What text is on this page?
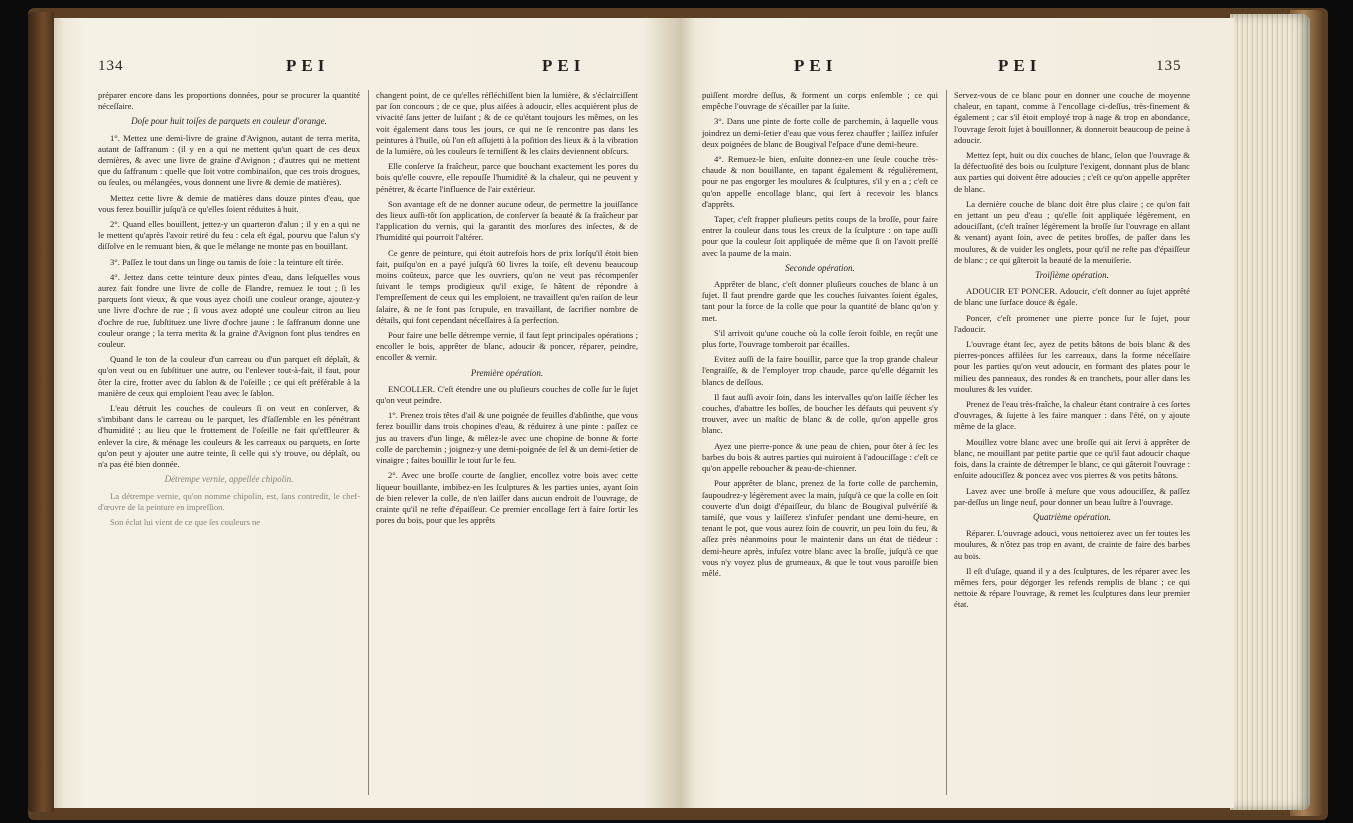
134	PEI	PEI

préparer encore dans les proportions données, pour se procurer la quantité néceſſaire.

Doſe pour huit toiſes de parquets en couleur d'orange.

1°. Mettez une demi-livre de graine d'Avignon, autant de terra merita, autant de ſaffranum : (il y en a qui ne mettent qu'un quart de ces deux dernières, & avec une livre de graine d'Avignon ; d'autres qui ne mettent que du ſaffranum : quelle que ſoit votre combinaiſon, que ces trois drogues, ou ſeules, ou mélangées, vous donnent une livre & demie de matières).

Mettez cette livre & demie de matières dans douze pintes d'eau, que vous ferez bouillir juſqu'à ce qu'elles ſoient réduites à huit.

2°. Quand elles bouillent, jettez-y un quarteron d'alun ; il y en a qui ne le mettent qu'après l'avoir retiré du feu : cela eſt égal, pourvu que l'alun s'y diſſolve en le remuant bien, & que le mélange ne monte pas en bouillant.

3°. Paſſez le tout dans un linge ou tamis de ſoie : la teinture eſt tirée.

4°. Jettez dans cette teinture deux pintes d'eau, dans leſquelles vous aurez fait fondre une livre de colle de Flandre, remuez le tout ; ſi les parquets ſont vieux, & que vous ayez choiſi une couleur orange, ajoutez-y une livre d'ochre de rue ; ſi vous avez adopté une couleur citron au lieu d'ochre de rue, ſubſtituez une livre d'ochre jaune : le ſaffranum donne une couleur orange ; la terra merita & la graine d'Avignon font plus tendres en couleur.

Quand le ton de la couleur d'un carreau ou d'un parquet eſt déplaît, & qu'on veut ou en ſubſtituer une autre, ou l'enlever tout-à-fait, il faut, pour ôter la cire, frotter avec du ſablon & de l'oſeille ; ce qui eſt préférable à la manière de ceux qui emploient l'eau avec le ſablon.

L'eau détruit les couches de couleurs ſi on veut en conſerver, & s'imbibant dans le carreau ou le parquet, les d'ſaſſemble en les pénétrant d'humidité ; au lieu que le frottement de l'oſeille ne fait qu'effleurer & enlever la cire, & ménage les couleurs & les carreaux ou parquets, en ſorte qu'on peut y ajouter une autre teinte, ſi celle qui s'y trouve, ou déplaît, ou n'a pas été bien donnée.

Détrempe vernie, appellée chipolin.

La détrempe vernie, qu'on nomme chipolin, est, ſans contredit, le chef-d'œuvre de la peinture en impreſſion.

Son éclat lui vient de ce que ſes couleurs ne

changent point, de ce qu'elles réfléchiſſent bien la lumière, & s'éclairciſſent par ſon concours ; de ce que, plus aiſées à adoucir, elles acquièrent plus de vivacité ſans jetter de luiſant ; & de ce qu'étant toujours les mêmes, on les voit également dans tous les jours, ce qui ne ſe rencontre pas dans les peintures à l'huile, où l'on eſt aſſujetti à la poſition des lieux & à la vibration de la lumière, où les couleurs ſe terniſſent & les clairs deviennent obſcurs.

Elle conſerve ſa fraîcheur, parce que bouchant exactement les pores du bois qu'elle couvre, elle repouſſe l'humidité & la chaleur, qui ne peuvent y pénétrer, & écarte l'influence de l'air extérieur.

Son avantage eſt de ne donner aucune odeur, de permettre la jouiſſance des lieux auſſi-tôt ſon application, de conſerver ſa beauté & ſa fraîcheur par l'application du vernis, qui la garantit des morſures des inſectes, & de l'humidité qui pourroit l'altérer.

Ce genre de peinture, qui étoit autrefois hors de prix lorſqu'il étoit bien fait, puiſqu'on en a payé juſqu'à 60 livres la toiſe, eſt devenu beaucoup moins coûteux, parce que les ouvriers, qu'on ne veut pas récompenſer ſuivant le temps prodigieux qu'il exige, ſe hâtent de répondre à l'empreſſement de ceux qui les emploient, ne travaillent qu'en raiſon de leur ſalaire, & ne ſe font pas ſcrupule, en travaillant, de ſacrifier nombre de détails, qui font cependant néceſſaires à ſa perfection.

Pour faire une belle détrempe vernie, il faut ſept principales opérations ; encoller le bois, apprêter de blanc, adoucir & poncer, réparer, peindre, encoller & vernir.

Première opération.

ENCOLLER. C'eſt étendre une ou pluſieurs couches de colle ſur le ſujet qu'on veut peindre.

1°. Prenez trois têtes d'ail & une poignée de feuilles d'abſinthe, que vous ferez bouillir dans trois chopines d'eau, & réduirez à une pinte : paſſez ce jus au travers d'un linge, & mêlez-le avec une chopine de bonne & forte colle de parchemin ; joignez-y une demi-poignée de ſel & un demi-ſetier de vinaigre ; faites bouillir le tout ſur le feu.

2°. Avec une broſſe courte de ſanglier, encollez votre bois avec cette liqueur bouillante, imbibez-en les ſculptures & les parties unies, ayant ſoin de bien relever la colle, de n'en laiſſer dans aucun endroit de l'ouvrage, de crainte qu'il ne reſte d'épaiſſeur. Ce premier encollage ſert à faire ſortir les pores du bois, pour que les apprêts

PEI	PEI	135

puiſſent mordre deſſus, & forment un corps enſemble ; ce qui empêche l'ouvrage de s'écailler par la ſuite.

3°. Dans une pinte de forte colle de parchemin, à laquelle vous joindrez un demi-ſetier d'eau que vous ferez chauffer ; laiſſez infuſer deux poignées de blanc de Bougival l'eſpace d'une demi-heure.

4°. Remuez-le bien, enſuite donnez-en une ſeule couche très-chaude & non bouillante, en tapant également & régulièrement, pour ne pas engorger les moulures & ſculptures, s'il y en a ; c'eſt ce qu'on appelle encollage blanc, qui ſert à recevoir les blancs d'apprêts.

Taper, c'eſt frapper pluſieurs petits coups de la broſſe, pour faire entrer la couleur dans tous les creux de la ſculpture : on tape auſſi pour que la couleur ſoit appliquée de même que ſi on l'avoit preſſé avec la paume de la main.

Seconde opération.

Apprêter de blanc, c'eſt donner pluſieurs couches de blanc à un ſujet. Il faut prendre garde que les couches ſuivantes ſoient égales, tant pour la force de la colle que pour la quantité de blanc qu'on y met.

S'il arrivoit qu'une couche où la colle ſeroit foible, en reçût une plus forte, l'ouvrage tomberoit par écailles.

Evitez auſſi de la faire bouillir, parce que la trop grande chaleur l'engraiſſe, & de l'employer trop chaude, parce qu'elle dégarnit les blancs de deſſous.

Il faut auſſi avoir ſoin, dans les intervalles qu'on laiſſe ſécher les couches, d'abattre les boſſes, de boucher les défauts qui peuvent s'y trouver, avec un maſtic de blanc & de colle, qu'on appelle gros blanc.

Ayez une pierre-ponce & une peau de chien, pour ôter à ſec les barbes du bois & autres parties qui nuiroient à l'adouciſſage : c'eſt ce qu'on appelle reboucher & peau-de-chienner.

Pour apprêter de blanc, prenez de la forte colle de parchemin, ſaupoudrez-y légèrement avec la main, juſqu'à ce que la colle en ſoit couverte d'un doigt d'épaiſſeur, du blanc de Bougival pulvériſé & tamiſé, que vous y laiſſerez s'infuſer pendant une demi-heure, en tenant le pot, que vous aurez ſoin de couvrir, un peu loin du feu, & aſſez près néanmoins pour le maintenir dans un état de tiédeur : demi-heure après, infuſez votre blanc avec la broſſe, juſqu'à ce que vous n'y voyez plus de grumeaux, & que le tout vous paroiſſe bien mêlé.

Servez-vous de ce blanc pour en donner une couche de moyenne chaleur, en tapant, comme à l'encollage ci-deſſus, très-finement & également ; car s'il étoit employé trop à nage & trop en abondance, l'ouvrage ſeroit ſujet à bouillonner, & donneroit beaucoup de peine à adoucir.

Mettez ſept, huit ou dix couches de blanc, ſelon que l'ouvrage & la défectuoſité des bois ou ſculpture l'exigent, donnant plus de blanc aux parties qui doivent être adoucies ; c'eſt ce qu'on appelle apprêter de blanc.

La dernière couche de blanc doit être plus claire ; ce qu'on fait en jettant un peu d'eau ; qu'elle ſoit appliquée légèrement, en adouciſſant, (c'eſt traîner légèrement la broſſe ſur l'ouvrage en allant & venant) ayant ſoin, avec de petites broſſes, de paſſer dans les moulures, & de vuider les onglets, pour qu'il ne reſte pas d'épaiſſeur de blanc ; ce qui gâteroit la beauté de la menuiſerie.

Troiſième opération.

ADOUCIR ET PONCER. Adoucir, c'eſt donner au ſujet apprêté de blanc une ſurface douce & égale.

Poncer, c'eſt promener une pierre ponce ſur le ſujet, pour l'adoucir.

L'ouvrage étant ſec, ayez de petits bâtons de bois blanc & des pierres-ponces affilées ſur les carreaux, dans la forme néceſſaire pour les parties qu'on veut adoucir, en formant des plates pour le milieu des panneaux, des rondes & en tranchets, pour aller dans les moulures & les vuider.

Prenez de l'eau très-fraîche, la chaleur étant contraire à ces ſortes d'ouvrages, & ſujette à les faire manquer : dans l'été, on y ajoute même de la glace.

Mouillez votre blanc avec une broſſe qui ait ſervi à apprêter de blanc, ne mouillant par petite partie que ce qu'il faut adoucir chaque fois, dans la crainte de détremper le blanc, ce qui gâteroit l'ouvrage : enſuite adouciſſez & poncez avec vos pierres & vos petits bâtons.

Lavez avec une broſſe à meſure que vous adouciſſez, & paſſez par-deſſus un linge neuf, pour donner un beau luſtre à l'ouvrage.

Quatrième opération.

Réparer. L'ouvrage adouci, vous nettoierez avec un fer toutes les moulures, & n'ôtez pas trop en avant, de crainte de faire des barbes au bois.

Il eſt d'uſage, quand il y a des ſculptures, de les réparer avec les mêmes fers, pour dégorger les refends remplis de blanc ; ce qui nettoie & répare l'ouvrage, & remet les ſculptures dans leur premier état.
